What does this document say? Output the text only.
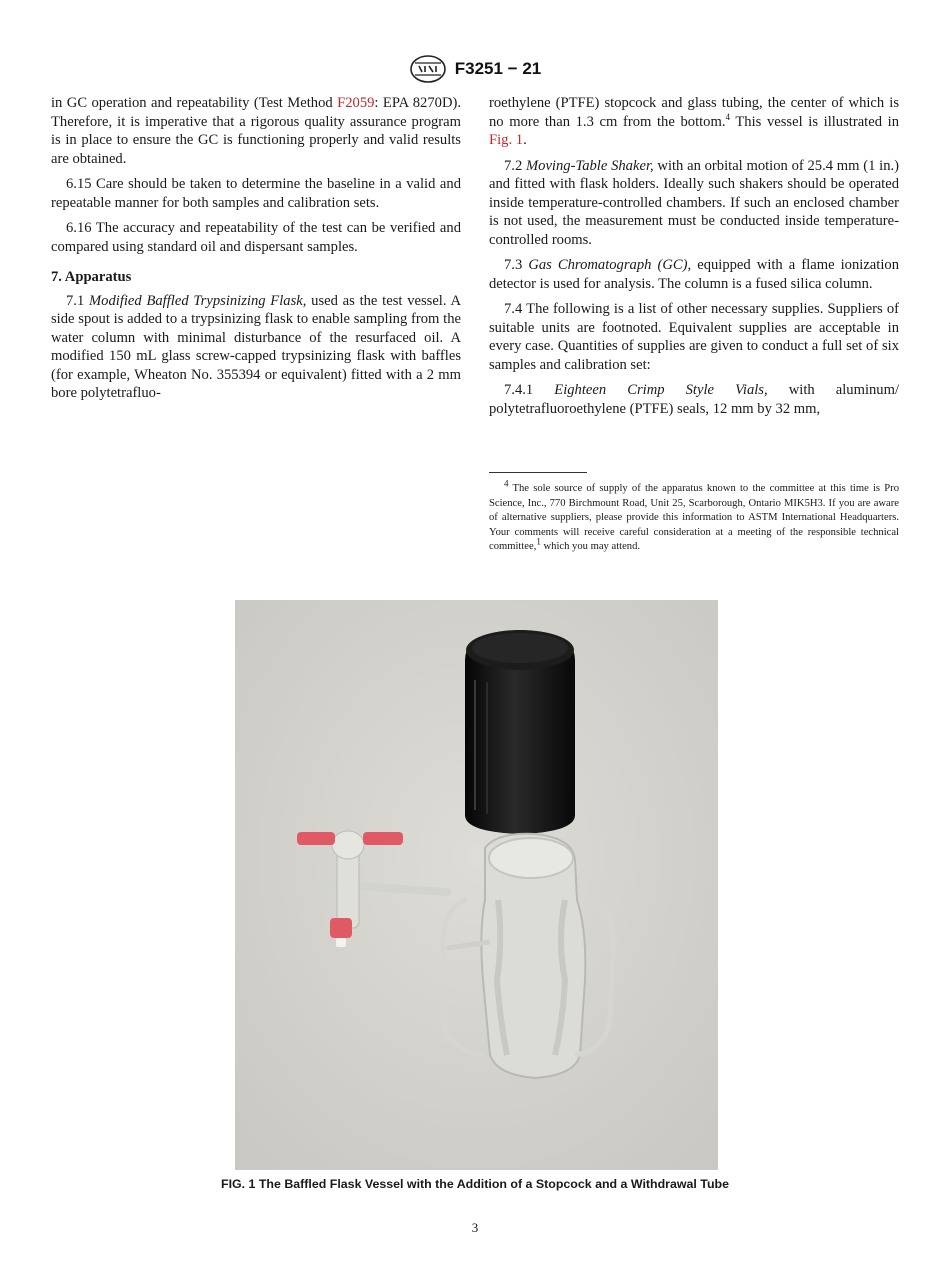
F3251 − 21

in GC operation and repeatability (Test Method F2059: EPA 8270D). Therefore, it is imperative that a rigorous quality assurance program is in place to ensure the GC is functioning properly and valid results are obtained.

6.15 Care should be taken to determine the baseline in a valid and repeatable manner for both samples and calibration sets.

6.16 The accuracy and repeatability of the test can be verified and compared using standard oil and dispersant samples.

7. Apparatus

7.1 Modified Baffled Trypsinizing Flask, used as the test vessel. A side spout is added to a trypsinizing flask to enable sampling from the water column with minimal disturbance of the resurfaced oil. A modified 150 mL glass screw-capped trypsinizing flask with baffles (for example, Wheaton No. 355394 or equivalent) fitted with a 2 mm bore polytetrafluo-

roethylene (PTFE) stopcock and glass tubing, the center of which is no more than 1.3 cm from the bottom.$^4$ This vessel is illustrated in Fig. 1.

7.2 Moving-Table Shaker, with an orbital motion of 25.4 mm (1 in.) and fitted with flask holders. Ideally such shakers should be operated inside temperature-controlled chambers. If such an enclosed chamber is not used, the measurement must be conducted inside temperature-controlled rooms.

7.3 Gas Chromatograph (GC), equipped with a flame ionization detector is used for analysis. The column is a fused silica column.

7.4 The following is a list of other necessary supplies. Suppliers of suitable units are footnoted. Equivalent supplies are acceptable in every case. Quantities of supplies are given to conduct a full set of six samples and calibration set:

7.4.1 Eighteen Crimp Style Vials, with aluminum/ polytetrafluoroethylene (PTFE) seals, 12 mm by 32 mm,

$^4$ The sole source of supply of the apparatus known to the committee at this time is Pro Science, Inc., 770 Birchmount Road, Unit 25, Scarborough, Ontario MIK5H3. If you are aware of alternative suppliers, please provide this information to ASTM International Headquarters. Your comments will receive careful consideration at a meeting of the responsible technical committee,$^1$ which you may attend.

FIG. 1 The Baffled Flask Vessel with the Addition of a Stopcock and a Withdrawal Tube
3
